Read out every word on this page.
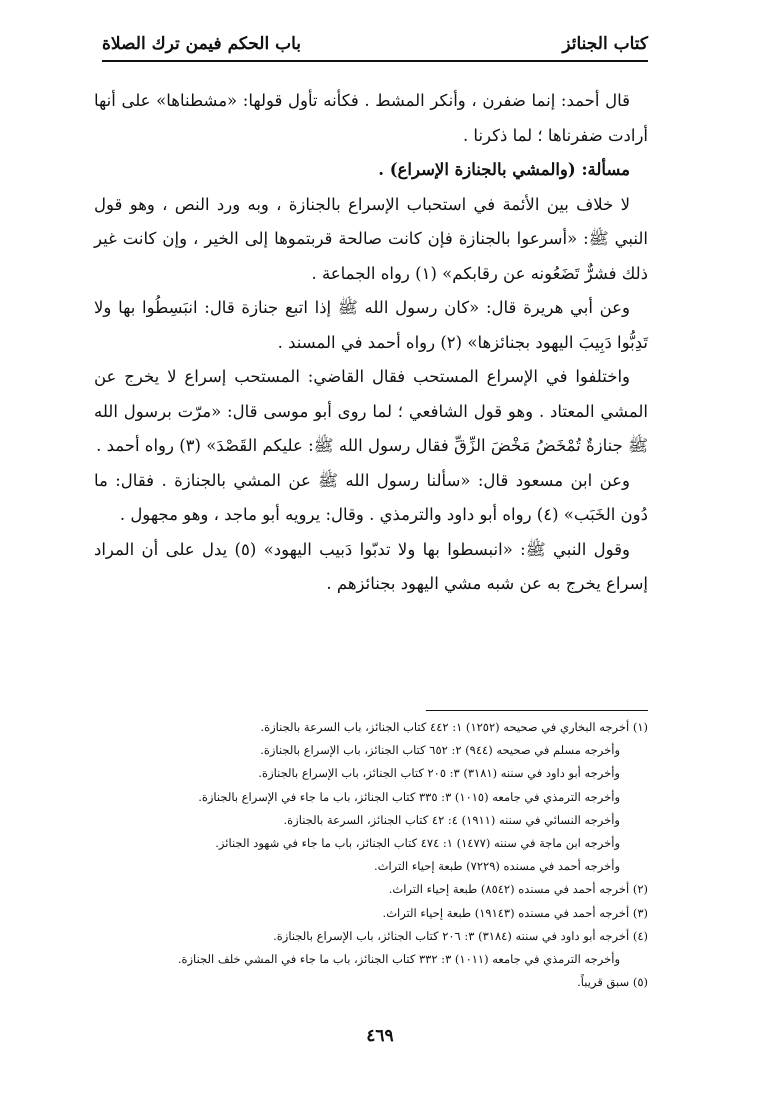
كتاب الجنائز
باب الحكم فيمن ترك الصلاة

قال أحمد: إنما ضفرن ، وأنكر المشط . فكأنه تأول قولها: «مشطناها» على أنها أرادت ضفرناها ؛ لما ذكرنا .

مسألة: (والمشي بالجنازة الإسراع) .

لا خلاف بين الأئمة في استحباب الإسراع بالجنازة ، وبه ورد النص ، وهو قول النبي ﷺ: «أسرعوا بالجنازة فإن كانت صالحة قربتموها إلى الخير ، وإن كانت غير ذلك فشرٌّ تَضَعُونه عن رقابكم» (١) رواه الجماعة .

وعن أبي هريرة قال: «كان رسول الله ﷺ إذا اتبع جنازة قال: انبَسِطُوا بها ولا تَدِبُّوا دَبِيبَ اليهود بجنائزها» (٢) رواه أحمد في المسند .

واختلفوا في الإسراع المستحب فقال القاضي: المستحب إسراع لا يخرج عن المشي المعتاد . وهو قول الشافعي ؛ لما روى أبو موسى قال: «مرّت برسول الله ﷺ جنازةٌ تُمْخَضُ مَخْضَ الزِّقِّ فقال رسول الله ﷺ: عليكم القَصْدَ» (٣) رواه أحمد .

وعن ابن مسعود قال: «سألنا رسول الله ﷺ عن المشي بالجنازة . فقال: ما دُون الخَبَب» (٤) رواه أبو داود والترمذي . وقال: يرويه أبو ماجد ، وهو مجهول .

وقول النبي ﷺ: «انبسطوا بها ولا تدبّوا دَبيب اليهود» (٥) يدل على أن المراد إسراع يخرج به عن شبه مشي اليهود بجنائزهم .

(١) أخرجه البخاري في صحيحه (١٢٥٢) ١: ٤٤٢ كتاب الجنائز، باب السرعة بالجنازة.

وأخرجه مسلم في صحيحه (٩٤٤) ٢: ٦٥٢ كتاب الجنائز، باب الإسراع بالجنازة.

وأخرجه أبو داود في سننه (٣١٨١) ٣: ٢٠٥ كتاب الجنائز، باب الإسراع بالجنازة.

وأخرجه الترمذي في جامعه (١٠١٥) ٣: ٣٣٥ كتاب الجنائز، باب ما جاء في الإسراع بالجنازة.

وأخرجه النسائي في سننه (١٩١١) ٤: ٤٢ كتاب الجنائز، السرعة بالجنازة.

وأخرجه ابن ماجة في سننه (١٤٧٧) ١: ٤٧٤ كتاب الجنائز، باب ما جاء في شهود الجنائز.

وأخرجه أحمد في مسنده (٧٢٢٩) طبعة إحياء التراث.

(٢) أخرجه أحمد في مسنده (٨٥٤٢) طبعة إحياء التراث.

(٣) أخرجه أحمد في مسنده (١٩١٤٣) طبعة إحياء التراث.

(٤) أخرجه أبو داود في سننه (٣١٨٤) ٣: ٢٠٦ كتاب الجنائز، باب الإسراع بالجنازة.

وأخرجه الترمذي في جامعه (١٠١١) ٣: ٣٣٢ كتاب الجنائز، باب ما جاء في المشي خلف الجنازة.

(٥) سبق قريباً.

٤٦٩
